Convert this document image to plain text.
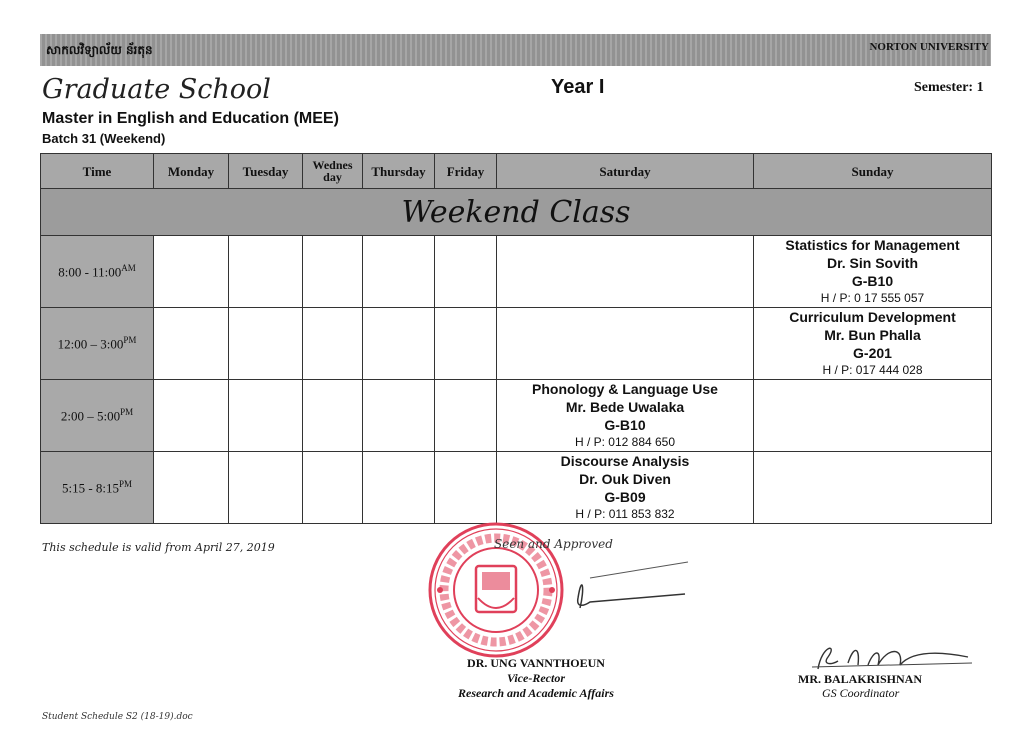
សាកលវិទ្យាល័យ ន័រតុន	NORTON UNIVERSITY
Graduate School	Year I	Semester: 1
Master in English and Education (MEE)
Batch 31 (Weekend)
Time	Monday	Tuesday	Wednes day	Thursday	Friday	Saturday	Sunday
Weekend Class							
8:00 - $11:00^{AM}$							Statistics for Management
Dr. Sin Sovith
G-B10
H / P: 0 17 555 057

12:00 – $3:00^{PM}$							Curriculum Development
Mr. Bun Phalla
G-201
H / P: 017 444 028

2:00 – $5:00^{PM}$						Phonology & Language Use
Mr. Bede Uwalaka
G-B10
H / P: 012 884 650	

5:15 - $8:15^{PM}$						Discourse Analysis
Dr. Ouk Diven
G-B09
H / P: 011 853 832	

This schedule is valid from April 27, 2019	Seen and Approved
DR. UNG VANNTHOEUN
Vice-Rector
Research and Academic Affairs
MR. BALAKRISHNAN
GS Coordinator
Student Schedule S2 (18-19).doc
